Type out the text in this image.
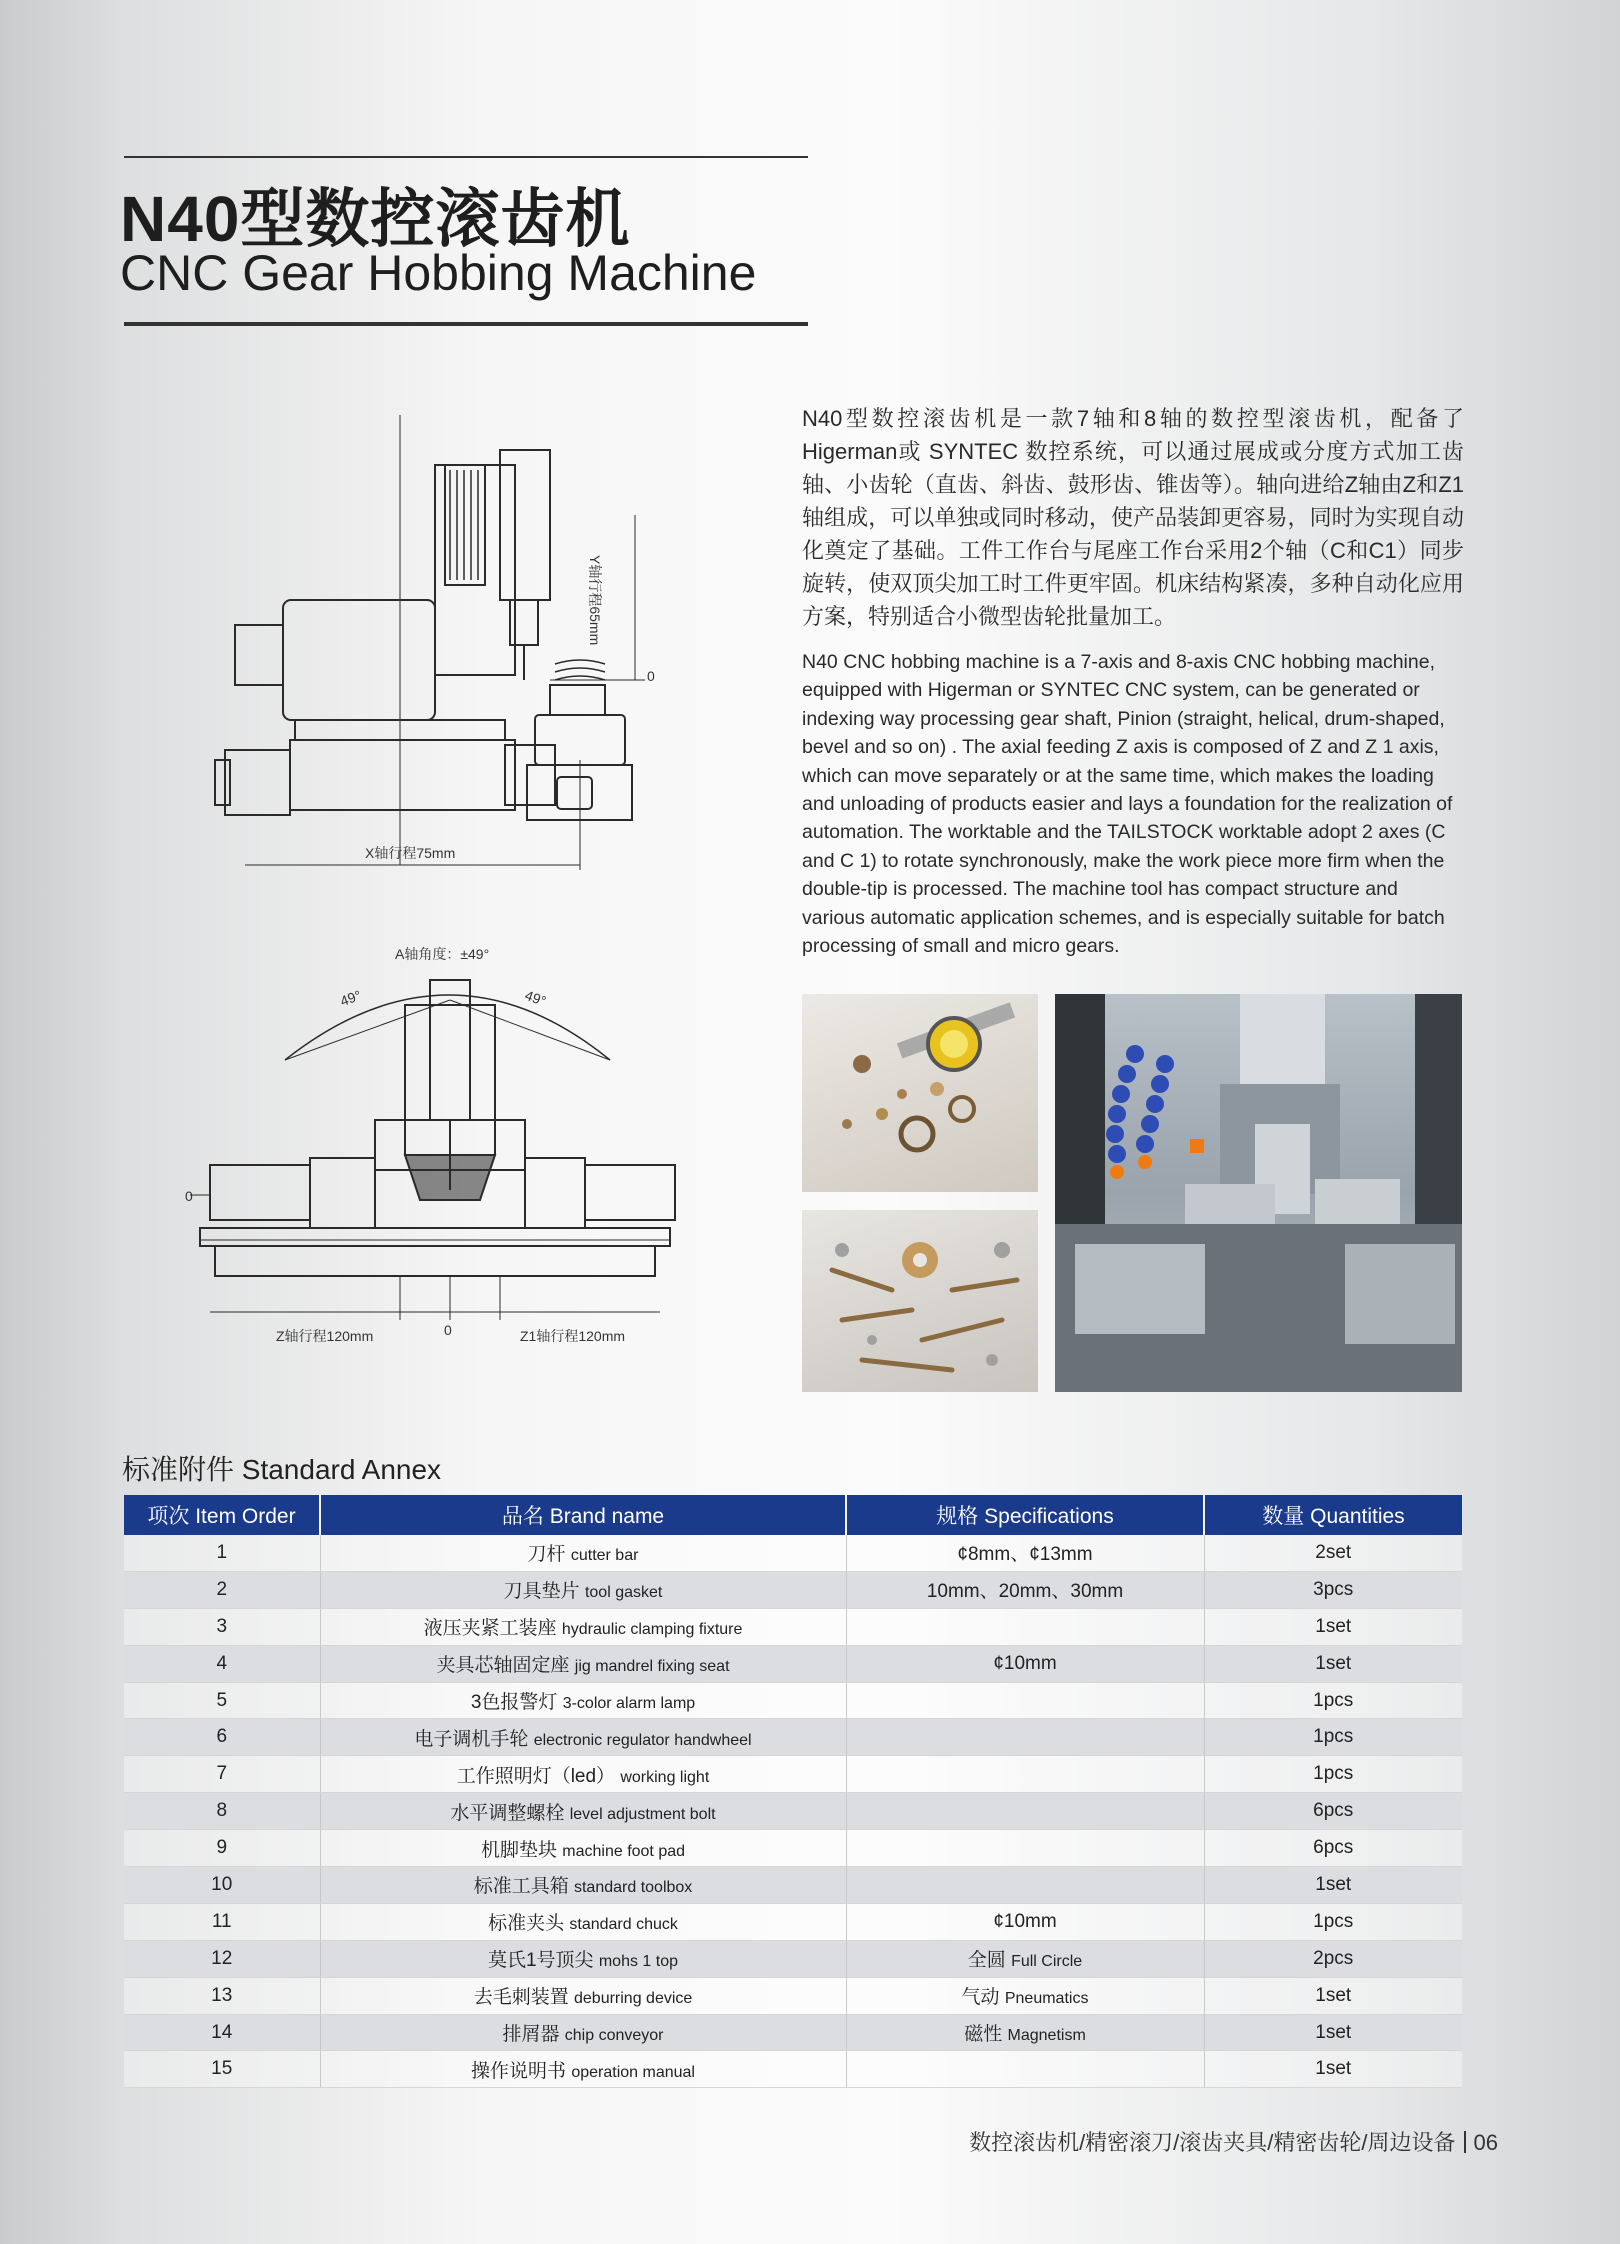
N40型数控滚齿机
CNC Gear Hobbing Machine
Y轴行程65mm
0
X轴行程75mm
A轴角度：±49°
49°	49°
0
0
Z轴行程120mm	Z1轴行程120mm
N40型数控滚齿机是一款7轴和8轴的数控型滚齿机，配备了Higerman或 SYNTEC 数控系统，可以通过展成或分度方式加工齿轴、小齿轮（直齿、斜齿、鼓形齿、锥齿等）。轴向进给Z轴由Z和Z1轴组成，可以单独或同时移动，使产品装卸更容易，同时为实现自动化奠定了基础。工件工作台与尾座工作台采用2个轴（C和C1）同步旋转，使双顶尖加工时工件更牢固。机床结构紧凑，多种自动化应用方案，特别适合小微型齿轮批量加工。
N40 CNC hobbing machine is a 7-axis and 8-axis CNC hobbing machine, equipped with Higerman or SYNTEC CNC system, can be generated or indexing way processing gear shaft, Pinion (straight, helical, drum-shaped, bevel and so on) . The axial feeding Z axis is composed of Z and Z 1 axis, which can move separately or at the same time, which makes the loading and unloading of products easier and lays a foundation for the realization of automation. The worktable and the TAILSTOCK worktable adopt 2 axes (C and C 1) to rotate synchronously, make the work piece more firm when the double-tip is processed. The machine tool has compact structure and various automatic application schemes, and is especially suitable for batch processing of small and micro gears.
标准附件 Standard Annex
项次 Item Order	品名 Brand name	规格 Specifications	数量 Quantities
1	刀杆 cutter bar	¢8mm、¢13mm	2set
2	刀具垫片 tool gasket	10mm、20mm、30mm	3pcs
3	液压夹紧工装座 hydraulic clamping fixture		1set
4	夹具芯轴固定座 jig mandrel fixing seat	¢10mm	1set
5	3色报警灯 3-color alarm lamp		1pcs
6	电子调机手轮 electronic regulator handwheel		1pcs
7	工作照明灯（led） working light		1pcs
8	水平调整螺栓 level adjustment bolt		6pcs
9	机脚垫块 machine foot pad		6pcs
10	标准工具箱 standard toolbox		1set
11	标准夹头 standard chuck	¢10mm	1pcs
12	莫氏1号顶尖 mohs 1 top	全圆 Full Circle	2pcs
13	去毛刺装置 deburring device	气动 Pneumatics	1set
14	排屑器 chip conveyor	磁性 Magnetism	1set
15	操作说明书 operation manual		1set
数控滚齿机/精密滚刀/滚齿夹具/精密齿轮/周边设备 06
